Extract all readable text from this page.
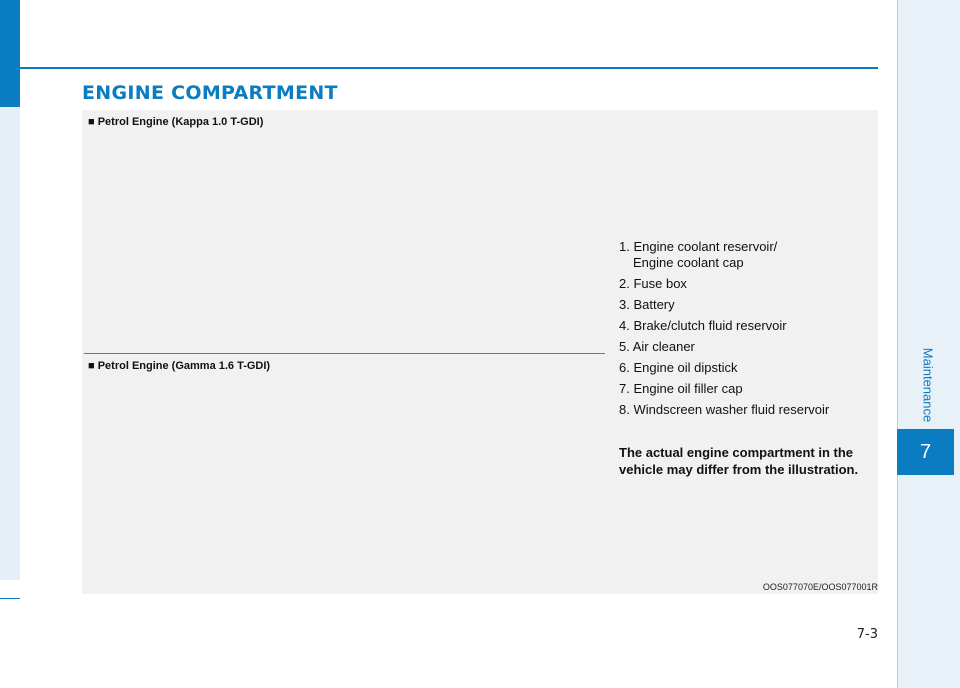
ENGINE COMPARTMENT
Maintenance
7
■ Petrol Engine (Kappa 1.0 T-GDI)
■ Petrol Engine (Gamma 1.6 T-GDI)
1. Engine coolant reservoir/ Engine coolant cap
2. Fuse box
3. Battery
4. Brake/clutch fluid reservoir
5. Air cleaner
6. Engine oil dipstick
7. Engine oil filler cap
8. Windscreen washer fluid reservoir

The actual engine compartment in the vehicle may differ from the illustration.

OOS077070E/OOS077001R
7-3
